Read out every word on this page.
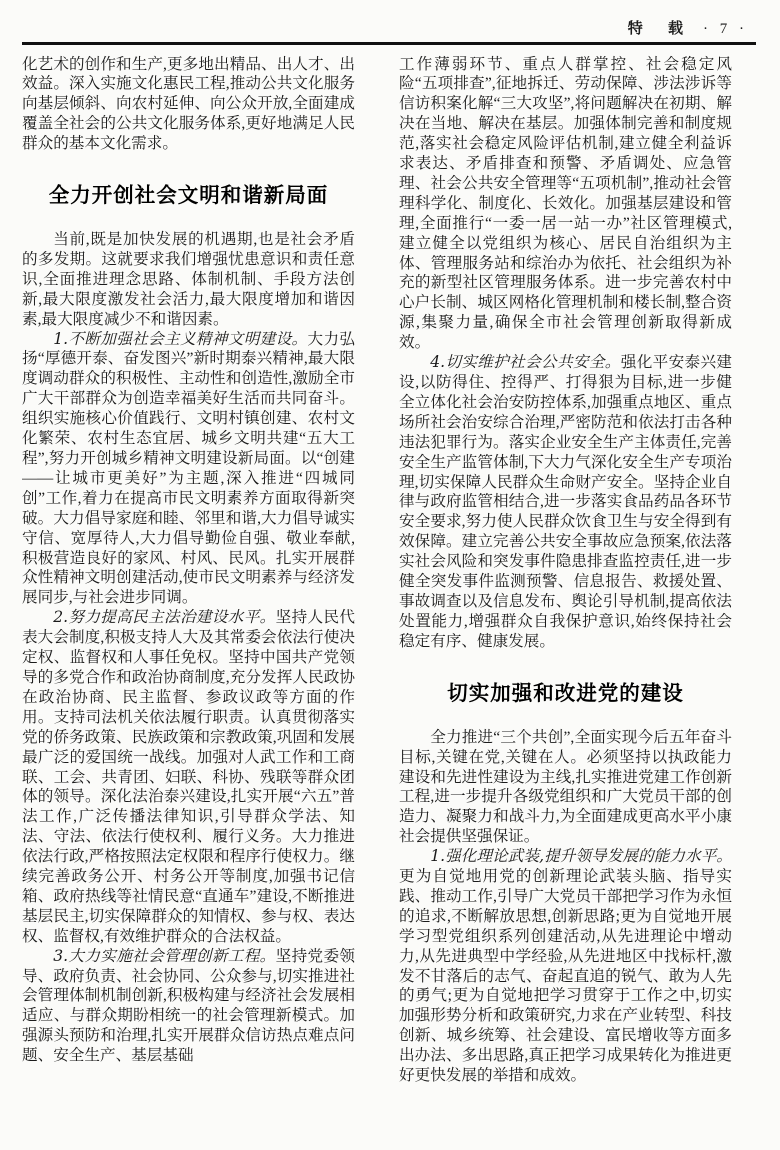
特 载 · 7 ·

化艺术的创作和生产,更多地出精品、出人才、出效益。深入实施文化惠民工程,推动公共文化服务向基层倾斜、向农村延伸、向公众开放,全面建成覆盖全社会的公共文化服务体系,更好地满足人民群众的基本文化需求。

全力开创社会文明和谐新局面

当前,既是加快发展的机遇期,也是社会矛盾的多发期。这就要求我们增强忧患意识和责任意识,全面推进理念思路、体制机制、手段方法创新,最大限度激发社会活力,最大限度增加和谐因素,最大限度减少不和谐因素。

1.不断加强社会主义精神文明建设。大力弘扬“厚德开泰、奋发图兴”新时期泰兴精神,最大限度调动群众的积极性、主动性和创造性,激励全市广大干部群众为创造幸福美好生活而共同奋斗。组织实施核心价值践行、文明村镇创建、农村文化繁荣、农村生态宜居、城乡文明共建“五大工程”,努力开创城乡精神文明建设新局面。以“创建——让城市更美好”为主题,深入推进“四城同创”工作,着力在提高市民文明素养方面取得新突破。大力倡导家庭和睦、邻里和谐,大力倡导诚实守信、宽厚待人,大力倡导勤俭自强、敬业奉献,积极营造良好的家风、村风、民风。扎实开展群众性精神文明创建活动,使市民文明素养与经济发展同步,与社会进步同调。

2.努力提高民主法治建设水平。坚持人民代表大会制度,积极支持人大及其常委会依法行使决定权、监督权和人事任免权。坚持中国共产党领导的多党合作和政治协商制度,充分发挥人民政协在政治协商、民主监督、参政议政等方面的作用。支持司法机关依法履行职责。认真贯彻落实党的侨务政策、民族政策和宗教政策,巩固和发展最广泛的爱国统一战线。加强对人武工作和工商联、工会、共青团、妇联、科协、残联等群众团体的领导。深化法治泰兴建设,扎实开展“六五”普法工作,广泛传播法律知识,引导群众学法、知法、守法、依法行使权利、履行义务。大力推进依法行政,严格按照法定权限和程序行使权力。继续完善政务公开、村务公开等制度,加强书记信箱、政府热线等社情民意“直通车”建设,不断推进基层民主,切实保障群众的知情权、参与权、表达权、监督权,有效维护群众的合法权益。

3.大力实施社会管理创新工程。坚持党委领导、政府负责、社会协同、公众参与,切实推进社会管理体制机制创新,积极构建与经济社会发展相适应、与群众期盼相统一的社会管理新模式。加强源头预防和治理,扎实开展群众信访热点难点问题、安全生产、基层基础

工作薄弱环节、重点人群掌控、社会稳定风险“五项排查”,征地拆迁、劳动保障、涉法涉诉等信访积案化解“三大攻坚”,将问题解决在初期、解决在当地、解决在基层。加强体制完善和制度规范,落实社会稳定风险评估机制,建立健全利益诉求表达、矛盾排查和预警、矛盾调处、应急管理、社会公共安全管理等“五项机制”,推动社会管理科学化、制度化、长效化。加强基层建设和管理,全面推行“一委一居一站一办”社区管理模式,建立健全以党组织为核心、居民自治组织为主体、管理服务站和综治办为依托、社会组织为补充的新型社区管理服务体系。进一步完善农村中心户长制、城区网格化管理机制和楼长制,整合资源,集聚力量,确保全市社会管理创新取得新成效。

4.切实维护社会公共安全。强化平安泰兴建设,以防得住、控得严、打得狠为目标,进一步健全立体化社会治安防控体系,加强重点地区、重点场所社会治安综合治理,严密防范和依法打击各种违法犯罪行为。落实企业安全生产主体责任,完善安全生产监管体制,下大力气深化安全生产专项治理,切实保障人民群众生命财产安全。坚持企业自律与政府监管相结合,进一步落实食品药品各环节安全要求,努力使人民群众饮食卫生与安全得到有效保障。建立完善公共安全事故应急预案,依法落实社会风险和突发事件隐患排查监控责任,进一步健全突发事件监测预警、信息报告、救援处置、事故调查以及信息发布、舆论引导机制,提高依法处置能力,增强群众自我保护意识,始终保持社会稳定有序、健康发展。

切实加强和改进党的建设

全力推进“三个共创”,全面实现今后五年奋斗目标,关键在党,关键在人。必须坚持以执政能力建设和先进性建设为主线,扎实推进党建工作创新工程,进一步提升各级党组织和广大党员干部的创造力、凝聚力和战斗力,为全面建成更高水平小康社会提供坚强保证。

1.强化理论武装,提升领导发展的能力水平。更为自觉地用党的创新理论武装头脑、指导实践、推动工作,引导广大党员干部把学习作为永恒的追求,不断解放思想,创新思路;更为自觉地开展学习型党组织系列创建活动,从先进理论中增动力,从先进典型中学经验,从先进地区中找标杆,激发不甘落后的志气、奋起直追的锐气、敢为人先的勇气;更为自觉地把学习贯穿于工作之中,切实加强形势分析和政策研究,力求在产业转型、科技创新、城乡统筹、社会建设、富民增收等方面多出办法、多出思路,真正把学习成果转化为推进更好更快发展的举措和成效。
